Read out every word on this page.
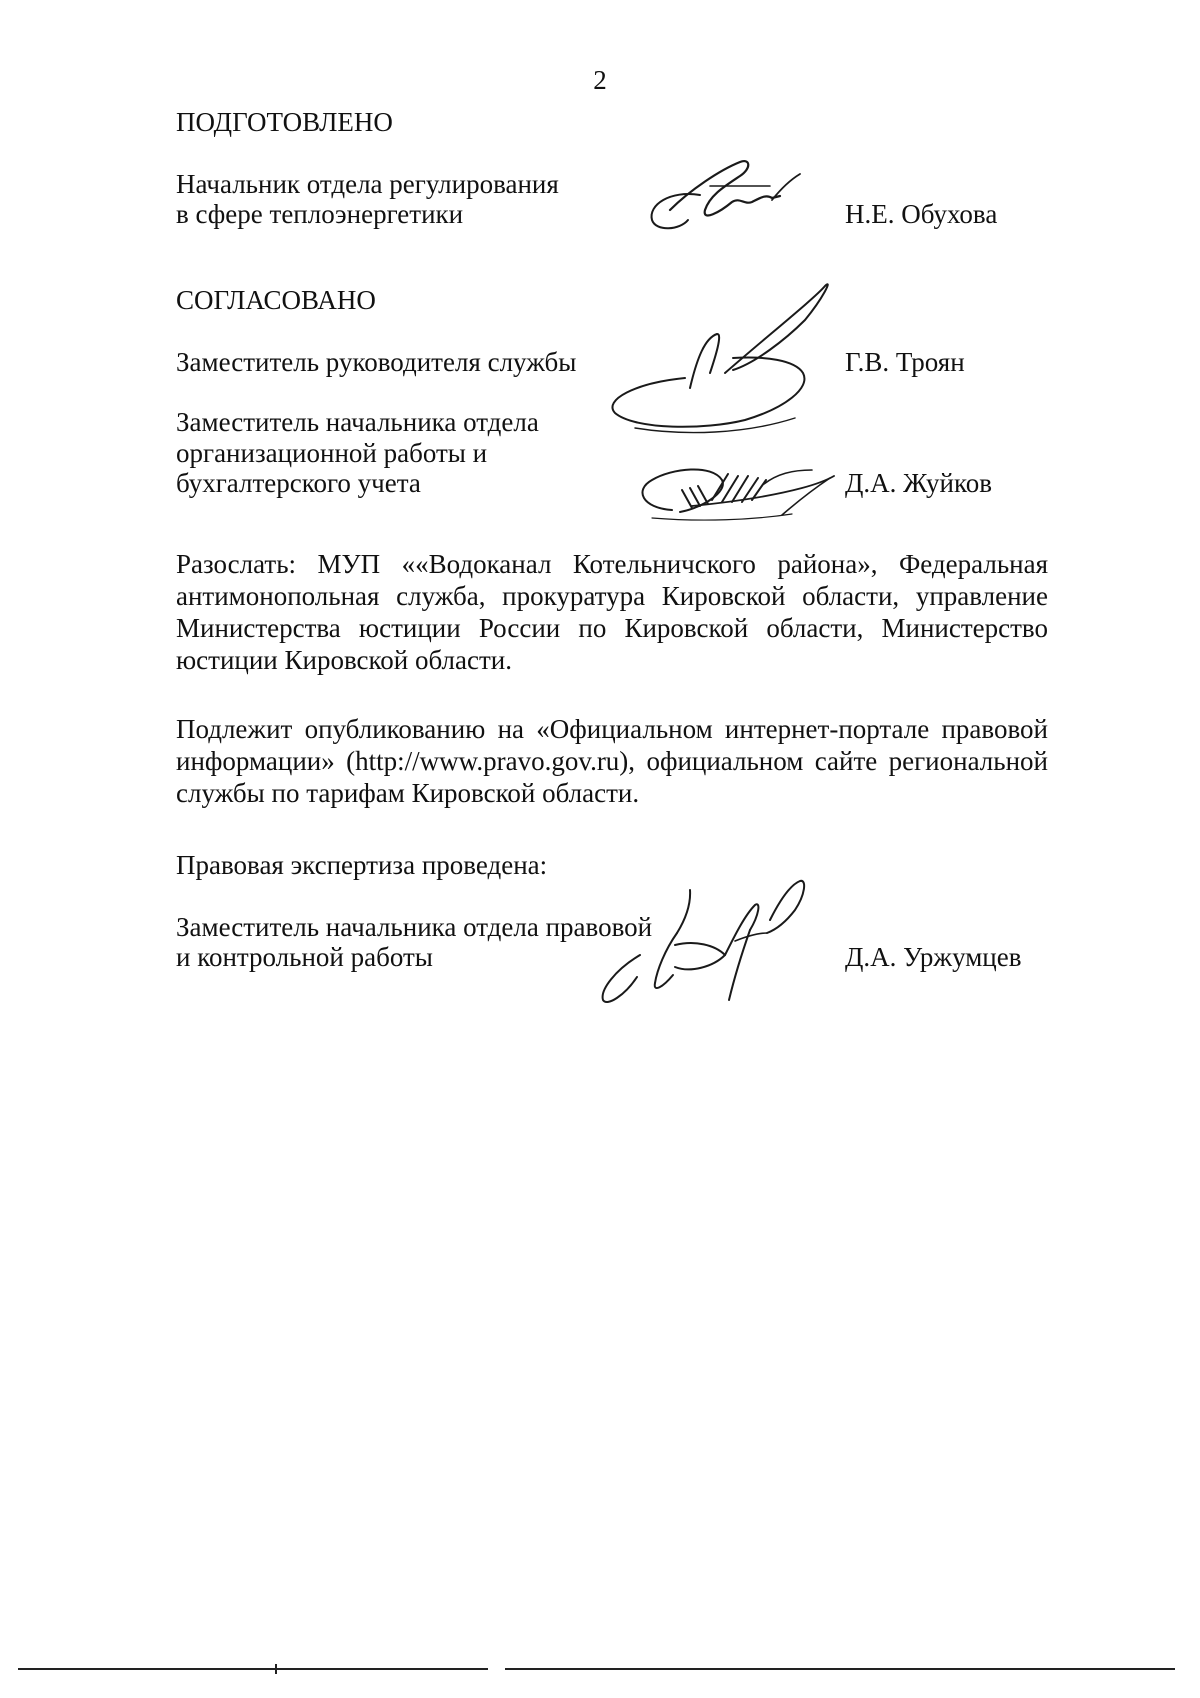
2
ПОДГОТОВЛЕНО
Начальник отдела регулирования
в сфере теплоэнергетики	Н.Е. Обухова
СОГЛАСОВАНО
Заместитель руководителя службы	Г.В. Троян
Заместитель начальника отдела
организационной работы и
бухгалтерского учета	Д.А. Жуйков
Разослать: МУП ««Водоканал Котельничского района», Федеральная антимонопольная служба, прокуратура Кировской области, управление Министерства юстиции России по Кировской области, Министерство юстиции Кировской области.
Подлежит опубликованию на «Официальном интернет-портале правовой информации» (http://www.pravo.gov.ru), официальном сайте региональной службы по тарифам Кировской области.
Правовая экспертиза проведена:
Заместитель начальника отдела правовой
и контрольной работы	Д.А. Уржумцев
